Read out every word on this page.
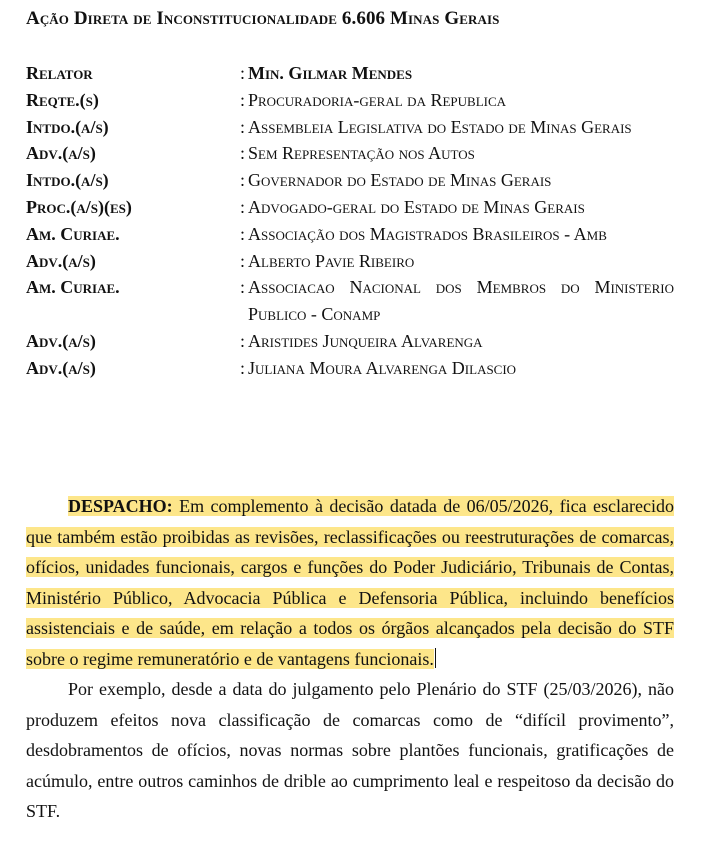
Ação Direta de Inconstitucionalidade 6.606 Minas Gerais
Relator	: Min. Gilmar Mendes
Reqte.(s)	: Procuradoria-geral da Republica
Intdo.(a/s)	: Assembleia Legislativa do Estado de Minas Gerais
Adv.(a/s)	: Sem Representação nos Autos
Intdo.(a/s)	: Governador do Estado de Minas Gerais
Proc.(a/s)(es)	: Advogado-geral do Estado de Minas Gerais
Am. Curiae.	: Associação dos Magistrados Brasileiros - Amb
Adv.(a/s)	: Alberto Pavie Ribeiro
Am. Curiae.	: Associacao Nacional dos Membros do Ministerio Publico - Conamp
Adv.(a/s)	: Aristides Junqueira Alvarenga
Adv.(a/s)	: Juliana Moura Alvarenga Dilascio

DESPACHO: Em complemento à decisão datada de 06/05/2026, fica esclarecido que também estão proibidas as revisões, reclassificações ou reestruturações de comarcas, ofícios, unidades funcionais, cargos e funções do Poder Judiciário, Tribunais de Contas, Ministério Público, Advocacia Pública e Defensoria Pública, incluindo benefícios assistenciais e de saúde, em relação a todos os órgãos alcançados pela decisão do STF sobre o regime remuneratório e de vantagens funcionais.

Por exemplo, desde a data do julgamento pelo Plenário do STF (25/03/2026), não produzem efeitos nova classificação de comarcas como de “difícil provimento”, desdobramentos de ofícios, novas normas sobre plantões funcionais, gratificações de acúmulo, entre outros caminhos de drible ao cumprimento leal e respeitoso da decisão do STF.
